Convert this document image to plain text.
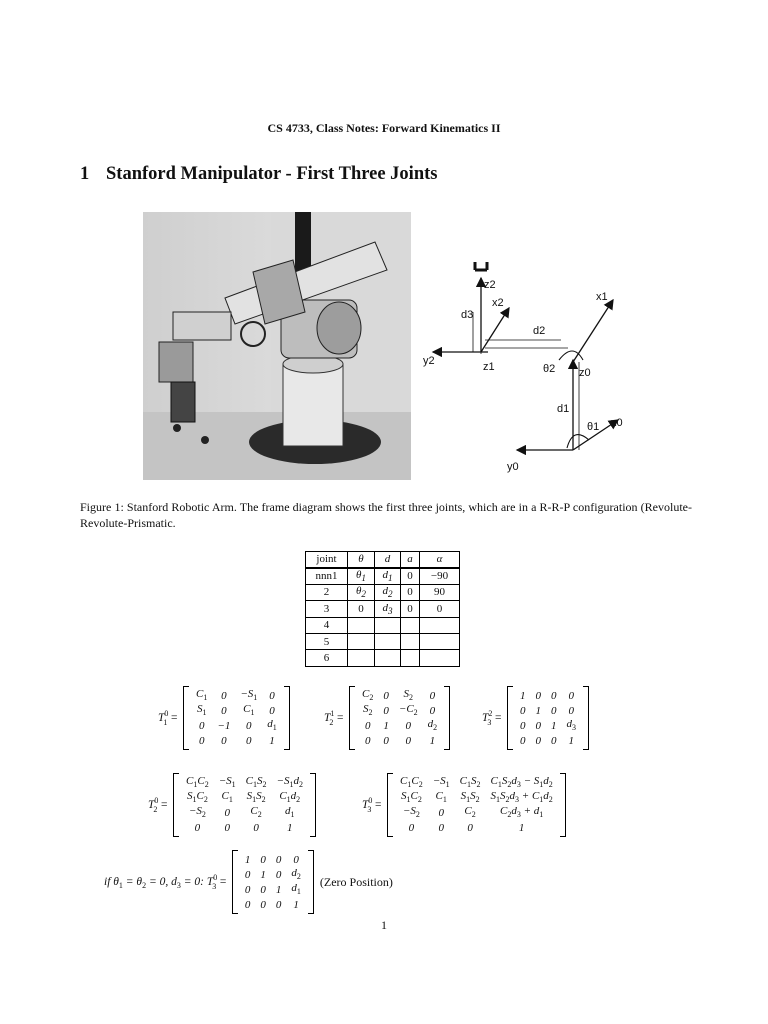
CS 4733, Class Notes: Forward Kinematics II
1 Stanford Manipulator - First Three Joints
z2
x2
d3
d2
x1
y2	z1	θ2 z0
d1
θ1 x0
y0
Figure 1: Stanford Robotic Arm. The frame diagram shows the first three joints, which are in a R-R-P configuration (Revolute-Revolute-Prismatic.
joint	θ	d	a	α
nnn1	$\theta_1$	$d_1$	0	−90
2	$\theta_2$	$d_2$	0	90
3	0	$d_3$	0	0
4				
5				
6				
$T^0_1$ =
$C_1$	0	$-S_1$	0
$S_1$	0	$C_1$	0
0	−1	0	$d_1$
0	0	0	1
$T^1_2$ =
$C_2$	0	$S_2$	0
$S_2$	0	$-C_2$	0
0	1	0	$d_2$
0	0	0	1
$T^2_3$ =
1	0	0	0
0	1	0	0
0	0	1	$d_3$
0	0	0	1
$T^0_2$ =
$C_1C_2$	$-S_1$	$C_1S_2$	$-S_1d_2$
$S_1C_2$	$C_1$	$S_1S_2$	$C_1d_2$
$-S_2$	0	$C_2$	$d_1$
0	0	0	1
$T^0_3$ =
$C_1C_2$	$-S_1$	$C_1S_2$	$C_1S_2d_3 - S_1d_2$
$S_1C_2$	$C_1$	$S_1S_2$	$S_1S_2d_3 + C_1d_2$
$-S_2$	0	$C_2$	$C_2d_3 + d_1$
0	0	0	1
if $\theta_1 = \theta_2 = 0$, $d_3 = 0$: $T^0_3$ =
1	0	0	0
0	1	0	$d_2$
0	0	1	$d_1$
0	0	0	1
(Zero Position)
1
